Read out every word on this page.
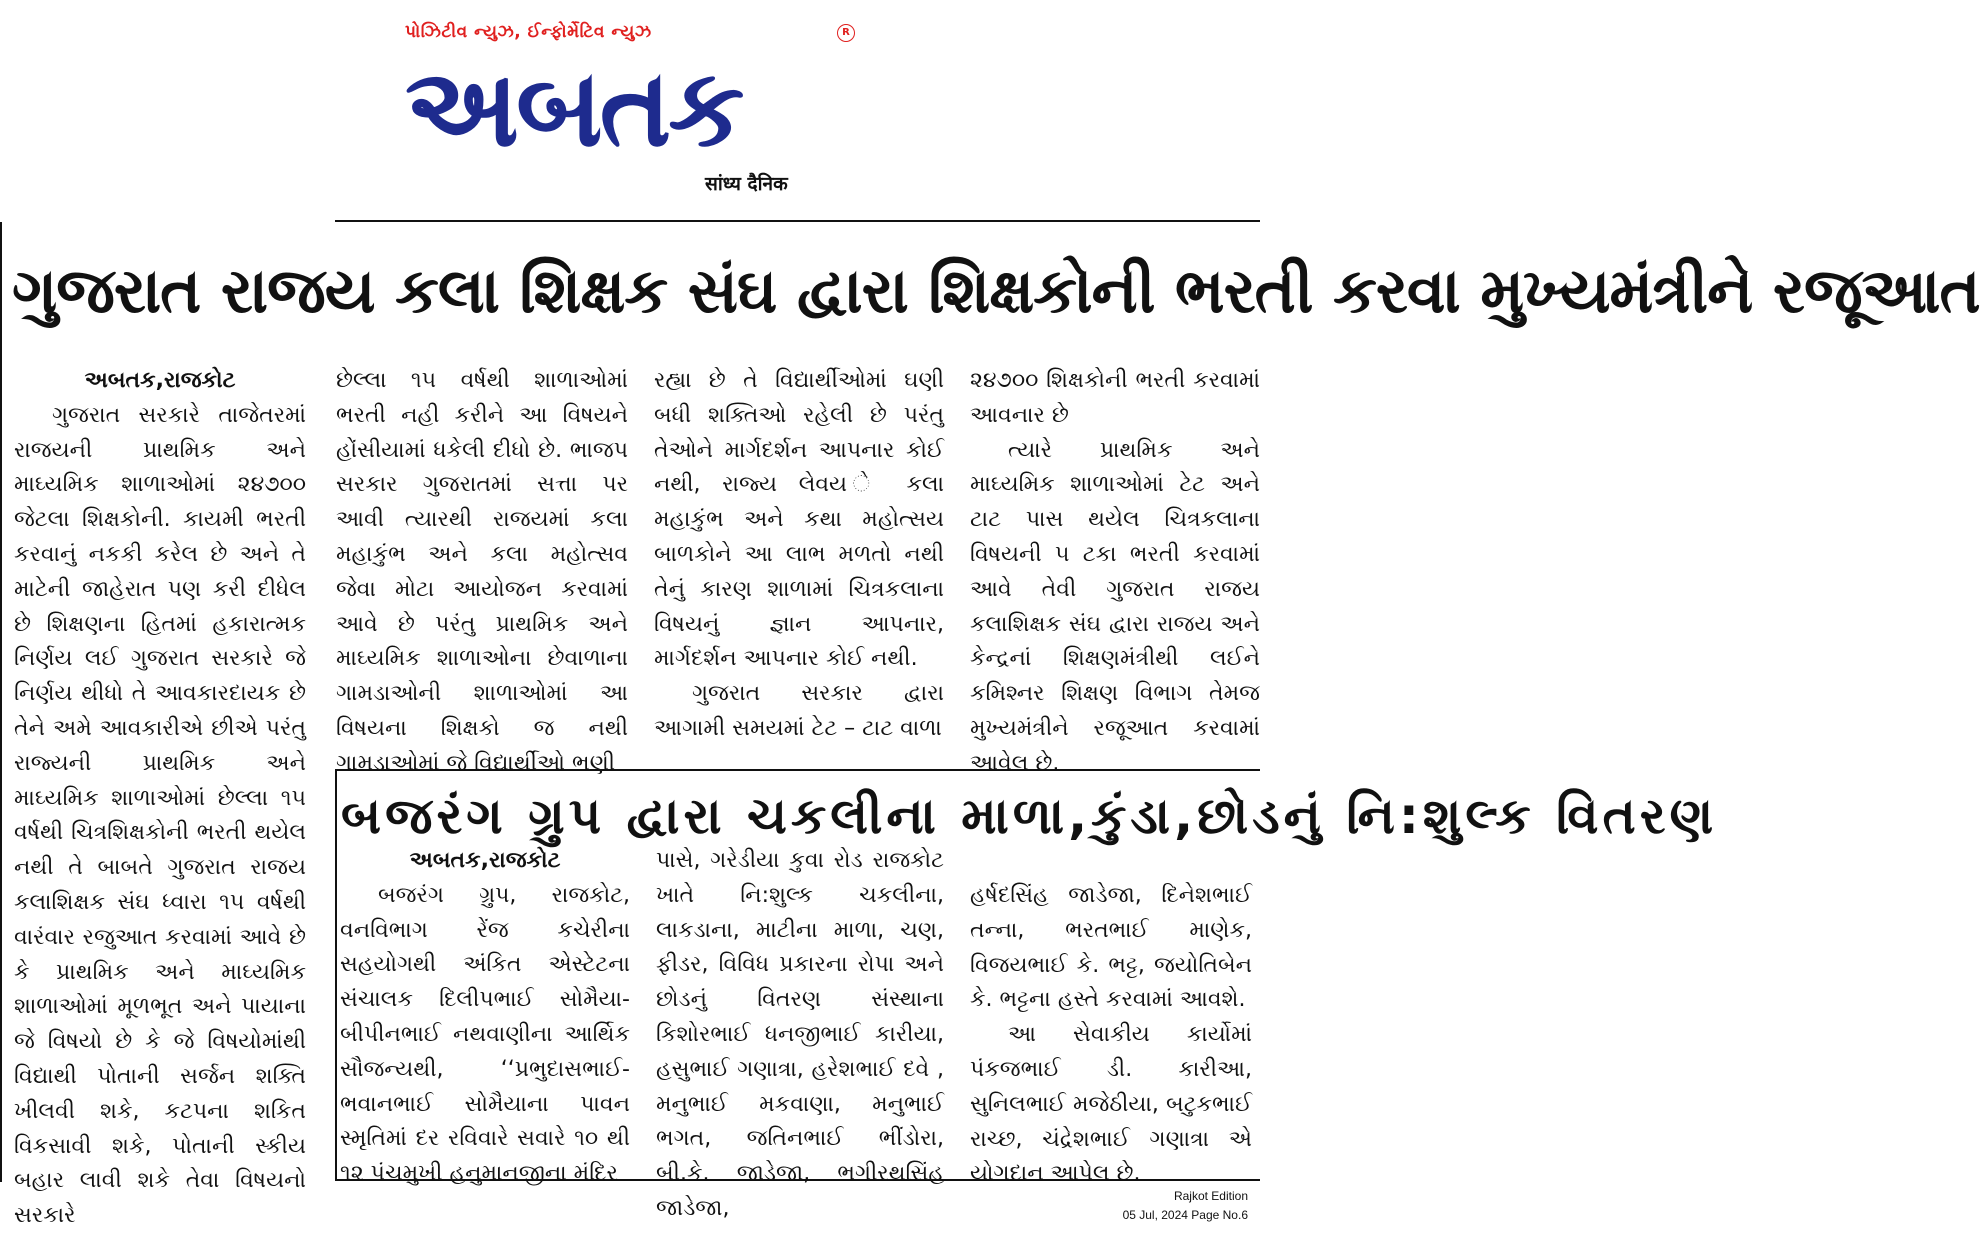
પોઝિટીવ ન્યુઝ, ઈન્ફોર્મેટિવ ન્યુઝ
અબતક
R
सांध्य दैनिक
ગુજરાત રાજય કલા શિક્ષક સંઘ દ્વારા શિક્ષકોની ભરતી કરવા મુખ્યમંત્રીને રજૂઆત
અબતક,રાજકોટ

ગુજરાત સરકારે તાજેતરમાં રાજયની પ્રાથમિક અને માઘ્યમિક શાળાઓમાં ૨૪૭૦૦ જેટલા શિક્ષકોની. કાયમી ભરતી કરવાનું નકકી કરેલ છે અને તે માટેની જાહેરાત પણ કરી દીધેલ છે શિક્ષણના હિતમાં હકારાત્મક નિર્ણય લઈ ગુજરાત સરકારે જે નિર્ણય થીધો તે આવકારદાયક છે તેને અમે આવકારીએ છીએ પરંતુ રાજ્યની પ્રાથમિક અને માઘ્યમિક શાળાઓમાં છેલ્લા ૧૫ વર્ષથી ચિત્રશિક્ષકોની ભરતી થયેલ નથી તે બાબતે ગુજરાત રાજય કલાશિક્ષક સંઘ ધ્વારા ૧૫ વર્ષથી વારંવાર રજુઆત કરવામાં આવે છે કે પ્રાથમિક અને માઘ્યમિક શાળાઓમાં મૂળભૂત અને પાયાના જે વિષયો છે કે જે વિષયોમાંથી વિદ્યાથી પોતાની સર્જન શક્તિ ખીલવી શકે, કટપના શકિત વિકસાવી શકે, પોતાની સ્કીય બહાર લાવી શકે તેવા વિષયનો સરકારે

છેલ્લા ૧૫ વર્ષથી શાળાઓમાં ભરતી નહી કરીને આ વિષયને હોંસીયામાં ધકેલી દીધો છે. ભાજપ સરકાર ગુજરાતમાં સત્તા પર આવી ત્યારથી રાજયમાં કલા મહાકુંભ અને કલા મહોત્સવ જેવા મોટા આયોજન કરવામાં આવે છે પરંતુ પ્રાથમિક અને માઘ્યમિક શાળાઓના છેવાળાના ગામડાઓની શાળાઓમાં આ વિષયના શિક્ષકો જ નથી ગામડાઓમાં જે વિદ્યાર્થીઓ ભણી

રહ્યા છે તે વિદ્યાર્થીઓમાં ઘણી બધી શક્તિઓ રહેલી છે પરંતુ તેઓને માર્ગદર્શન આપનાર કોઈ નથી, રાજ્ય લેવય ે કલા મહાકુંભ અને કથા મહોત્સય બાળકોને આ લાભ મળતો નથી તેનું કારણ શાળામાં ચિત્રકલાના વિષયનું જ્ઞાન આપનાર, માર્ગદર્શન આપનાર કોઈ નથી.

ગુજરાત સરકાર દ્વારા આગામી સમયમાં ટેટ – ટાટ વાળા

૨૪૭૦૦ શિક્ષકોની ભરતી કરવામાં આવનાર છે

ત્યારે પ્રાથમિક અને માઘ્યમિક શાળાઓમાં ટેટ અને ટાટ પાસ થયેલ ચિત્રકલાના વિષયની ૫ ટકા ભરતી કરવામાં આવે તેવી ગુજરાત રાજય કલાશિક્ષક સંઘ દ્વારા રાજય અને કેન્દ્રનાં શિક્ષણમંત્રીથી લઈને કમિશ્નર શિક્ષણ વિભાગ તેમજ મુખ્યમંત્રીને રજૂઆત કરવામાં આવેલ છે.

બજરંગ ગ્રુપ દ્વારા ચકલીના માળા,કુંડા,છોડનું નિ:શુલ્ક વિતરણ
અબતક,રાજકોટ

બજરંગ ગ્રુપ, રાજકોટ, વનવિભાગ રેંજ કચેરીના સહયોગથી અંકિત એસ્ટેટના સંચાલક દિલીપભાઈ સોમૈયા- બીપીનભાઈ નથવાણીના આર્થિક સૌજન્યથી, ‘‘પ્રભુદાસભાઈ- ભવાનભાઈ સોમૈયાના પાવન સ્મૃતિમાં દર રવિવારે સવારે ૧૦ થી ૧૨ પંચમુખી હનુમાનજીના મંદિર

પાસે, ગરેડીયા કુવા રોડ રાજકોટ ખાતે નિ:શુલ્ક ચકલીના, લાકડાના, માટીના માળા, ચણ, ફીડર, વિવિધ પ્રકારના રોપા અને છોડનું વિતરણ સંસ્થાના કિશોરભાઈ ધનજીભાઈ કારીયા, હસુભાઈ ગણાત્રા, હરેશભાઈ દવે , મનુભાઈ મકવાણા, મનુભાઈ ભગત, જતિનભાઈ ભીંડોરા, બી.કે. જાડેજા, ભગીરથસિંહ જાડેજા,

હર્ષદસિંહ જાડેજા, દિનેશભાઈ તન્ના, ભરતભાઈ માણેક, વિજયભાઈ કે. ભટ્ટ, જયોતિબેન કે. ભટ્ટના હસ્તે કરવામાં આવશે.

આ સેવાકીય કાર્યોમાં પંકજભાઈ ડી. કારીઆ, સુનિલભાઈ મજેઠીયા, બટુકભાઈ રાચ્છ, ચંદ્રેશભાઈ ગણાત્રા એ યોગદાન આપેલ છે.

Rajkot Edition
05 Jul, 2024 Page No.6
